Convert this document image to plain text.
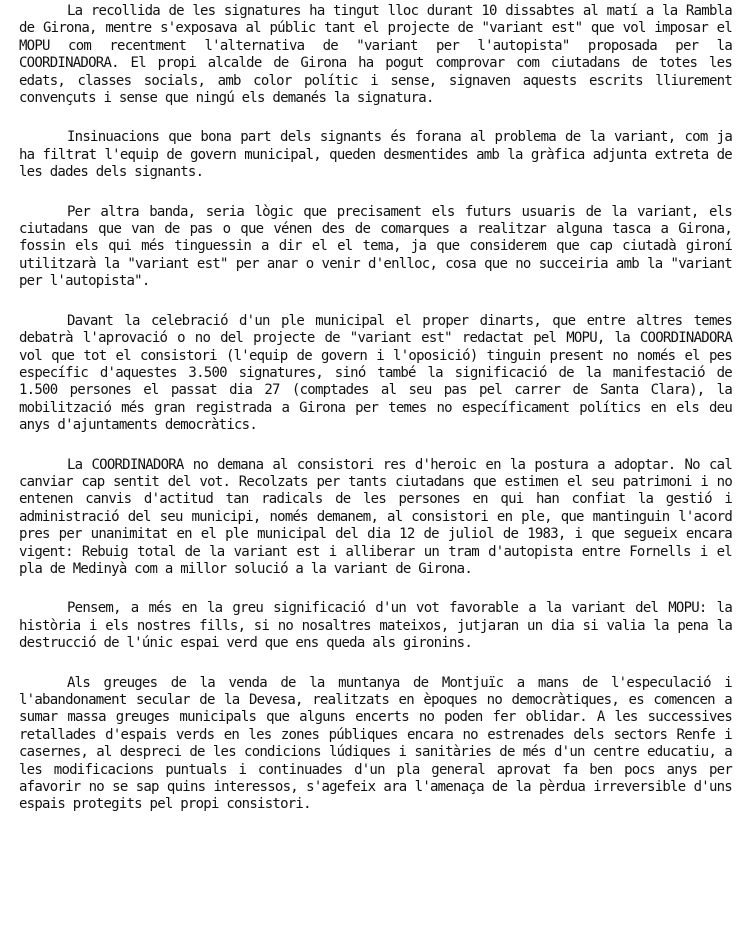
La recollida de les signatures ha tingut lloc durant 10 dissabtes al matí a la Rambla de Girona, mentre s'exposava al públic tant el projecte de "variant est" que vol imposar el MOPU com recentment l'alternativa de "variant per l'autopista" proposada per la COORDINADORA. El propi alcalde de Girona ha pogut comprovar com ciutadans de totes les edats, classes socials, amb color polític i sense, signaven aquests escrits lliurement convençuts i sense que ningú els demanés la signatura.

Insinuacions que bona part dels signants és forana al problema de la variant, com ja ha filtrat l'equip de govern municipal, queden desmentides amb la gràfica adjunta extreta de les dades dels signants.

Per altra banda, seria lògic que precisament els futurs usuaris de la variant, els ciutadans que van de pas o que vénen des de comarques a realitzar alguna tasca a Girona, fossin els qui més tinguessin a dir el el tema, ja que considerem que cap ciutadà gironí utilitzarà la "variant est" per anar o venir d'enlloc, cosa que no succeiria amb la "variant per l'autopista".

Davant la celebració d'un ple municipal el proper dinarts, que entre altres temes debatrà l'aprovació o no del projecte de "variant est" redactat pel MOPU, la COORDINADORA vol que tot el consistori (l'equip de govern i l'oposició) tinguin present no només el pes específic d'aquestes 3.500 signatures, sinó també la significació de la manifestació de 1.500 persones el passat dia 27 (comptades al seu pas pel carrer de Santa Clara), la mobilització més gran registrada a Girona per temes no específicament polítics en els deu anys d'ajuntaments democràtics.

La COORDINADORA no demana al consistori res d'heroic en la postura a adoptar. No cal canviar cap sentit del vot. Recolzats per tants ciutadans que estimen el seu patrimoni i no entenen canvis d'actitud tan radicals de les persones en qui han confiat la gestió i administració del seu municipi, només demanem, al consistori en ple, que mantinguin l'acord pres per unanimitat en el ple municipal del dia 12 de juliol de 1983, i que segueix encara vigent: Rebuig total de la variant est i alliberar un tram d'autopista entre Fornells i el pla de Medinyà com a millor solució a la variant de Girona.

Pensem, a més en la greu significació d'un vot favorable a la variant del MOPU: la història i els nostres fills, si no nosaltres mateixos, jutjaran un dia si valia la pena la destrucció de l'únic espai verd que ens queda als gironins.

Als greuges de la venda de la muntanya de Montjuïc a mans de l'especulació i l'abandonament secular de la Devesa, realitzats en èpoques no democràtiques, es comencen a sumar massa greuges municipals que alguns encerts no poden fer oblidar. A les successives retallades d'espais verds en les zones públiques encara no estrenades dels sectors Renfe i casernes, al despreci de les condicions lúdiques i sanitàries de més d'un centre educatiu, a les modificacions puntuals i continuades d'un pla general aprovat fa ben pocs anys per afavorir no se sap quins interessos, s'agefeix ara l'amenaça de la pèrdua irreversible d'uns espais protegits pel propi consistori.
